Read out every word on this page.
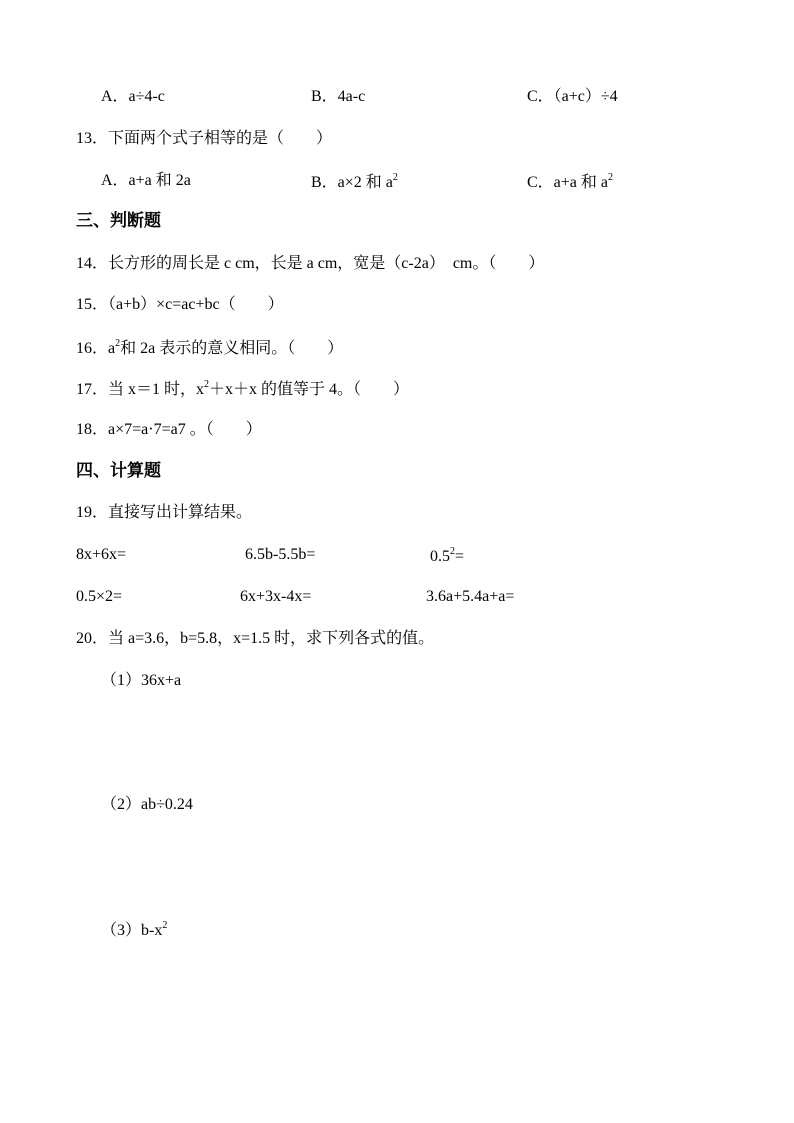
A．a÷4-c	B．4a-c	C．（a+c）÷4
13．下面两个式子相等的是（　　）
A．a+a 和 2a	B．a×2 和 $a^2$	C．a+a 和 $a^2$
三、判断题
14．长方形的周长是 c cm，长是 a cm，宽是（c-2a）　cm。（　　）
15．（a+b）×c=ac+bc（　　）
16．$a^2$和 2a 表示的意义相同。（　　）
17．当 x＝1 时，$x^2+x+x$ 的值等于 4。（　　）
18．a×7=a·7=a7 。（　　）
四、计算题
19．直接写出计算结果。
8x+6x=	6.5b-5.5b=	$0.5^2=$
0.5×2=	6x+3x-4x=	3.6a+5.4a+a=
20．当 a=3.6，b=5.8，x=1.5 时，求下列各式的值。
（1）36x+a
（2）ab÷0.24
$(3)b-x^2$
